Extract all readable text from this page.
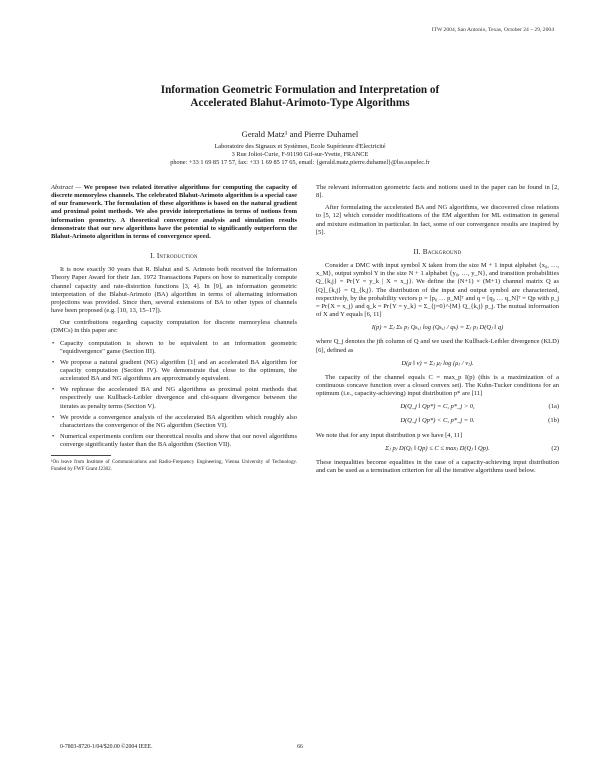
ITW 2004, San Antonio, Texas, October 24 – 29, 2004
Information Geometric Formulation and Interpretation of
Accelerated Blahut-Arimoto-Type Algorithms
Gerald Matz¹ and Pierre Duhamel
Laboratoire des Signaux et Systèmes, Ecole Supérieure d'Electricité
3 Rue Joliot-Curie, F-91190 Gif-sur-Yvette, FRANCE
phone: +33 1 69 85 17 57, fax: +33 1 69 85 17 65, email: {gerald.matz,pierre.duhamel}@lss.supelec.fr

Abstract — We propose two related iterative algorithms for computing the capacity of discrete memoryless channels. The celebrated Blahut-Arimoto algorithm is a special case of our framework. The formulation of these algorithms is based on the natural gradient and proximal point methods. We also provide interpretations in terms of notions from information geometry. A theoretical convergence analysis and simulation results demonstrate that our new algorithms have the potential to significantly outperform the Blahut-Arimoto algorithm in terms of convergence speed.

I. Introduction

It is now exactly 30 years that R. Blahut and S. Arimoto both received the Information Theory Paper Award for their Jan. 1972 Transactions Papers on how to numerically compute channel capacity and rate-distortion functions [3, 4]. In [9], an information geometric interpretation of the Blahut-Arimoto (BA) algorithm in terms of alternating information projections was provided. Since then, several extensions of BA to other types of channels have been proposed (e.g. [10, 13, 15–17]).

Our contributions regarding capacity computation for discrete memoryless channels (DMCs) in this paper are:

• Capacity computation is shown to be equivalent to an information geometric "equidivergence" game (Section III).
• We propose a natural gradient (NG) algorithm [1] and an accelerated BA algorithm for capacity computation (Section IV). We demonstrate that close to the optimum, the accelerated BA and NG algorithms are approximately equivalent.
• We rephrase the accelerated BA and NG algorithms as proximal point methods that respectively use Kullback-Leibler divergence and chi-square divergence between the iterates as penalty terms (Section V).
• We provide a convergence analysis of the accelerated BA algorithm which roughly also characterizes the convergence of the NG algorithm (Section VI).
• Numerical experiments confirm our theoretical results and show that our novel algorithms converge significantly faster than the BA algorithm (Section VII).
¹On leave from Institute of Communications and Radio-Frequency Engineering, Vienna University of Technology. Funded by FWF Grant J2302.

The relevant information geometric facts and notions used in the paper can be found in [2, 8].

After formulating the accelerated BA and NG algorithms, we discovered close relations to [5, 12] which consider modifications of the EM algorithm for ML estimation in general and mixture estimation in particular. In fact, some of our convergence results are inspired by [5].

II. Background

Consider a DMC with input symbol X taken from the size M + 1 input alphabet {x₀, …, x_M}, output symbol Y in the size N + 1 alphabet {y₀, …, y_N}, and transition probabilities Q_{k,j} = Pr{Y = y_k | X = x_j}. We define the (N+1) × (M+1) channel matrix Q as [Q]_{k,j} = Q_{k,j}. The distribution of the input and output symbol are characterized, respectively, by the probability vectors p = [p₀ … p_M]ᵀ and q = [q₀ … q_N]ᵀ = Qp with p_j = Pr{X = x_j} and q_k = Pr{Y = y_k} = Σ_{j=0}^{M} Q_{k,j} p_j. The mutual information of X and Y equals [6, 11]

I(p) = Σⱼ Σₖ pⱼ Qₖ,ⱼ log (Qₖ,ⱼ / qₖ) = Σⱼ pⱼ D(Qⱼ ‖ q)

where Q_j denotes the jth column of Q and we used the Kullback-Leibler divergence (KLD) [6], defined as

D(μ ‖ ν) = Σⱼ μⱼ log (μⱼ / νⱼ).

The capacity of the channel equals C = max_p I(p) (this is a maximization of a continuous concave function over a closed convex set). The Kuhn-Tucker conditions for an optimum (i.e., capacity-achieving) input distribution p* are [11]

D(Q_j ‖ Qp*) = C, p*_j > 0,	(1a)
D(Q_j ‖ Qp*) < C, p*_j = 0.	(1b)

We note that for any input distribution p we have [4, 11]

Σⱼ pⱼ D(Qⱼ ‖ Qp) ≤ C ≤ maxⱼ D(Qⱼ ‖ Qp).	(2)

These inequalities become equalities in the case of a capacity-achieving input distribution and can be used as a termination criterion for all the iterative algorithms used below.

0-7803-8720-1/04/$20.00 ©2004 IEEE.	66
